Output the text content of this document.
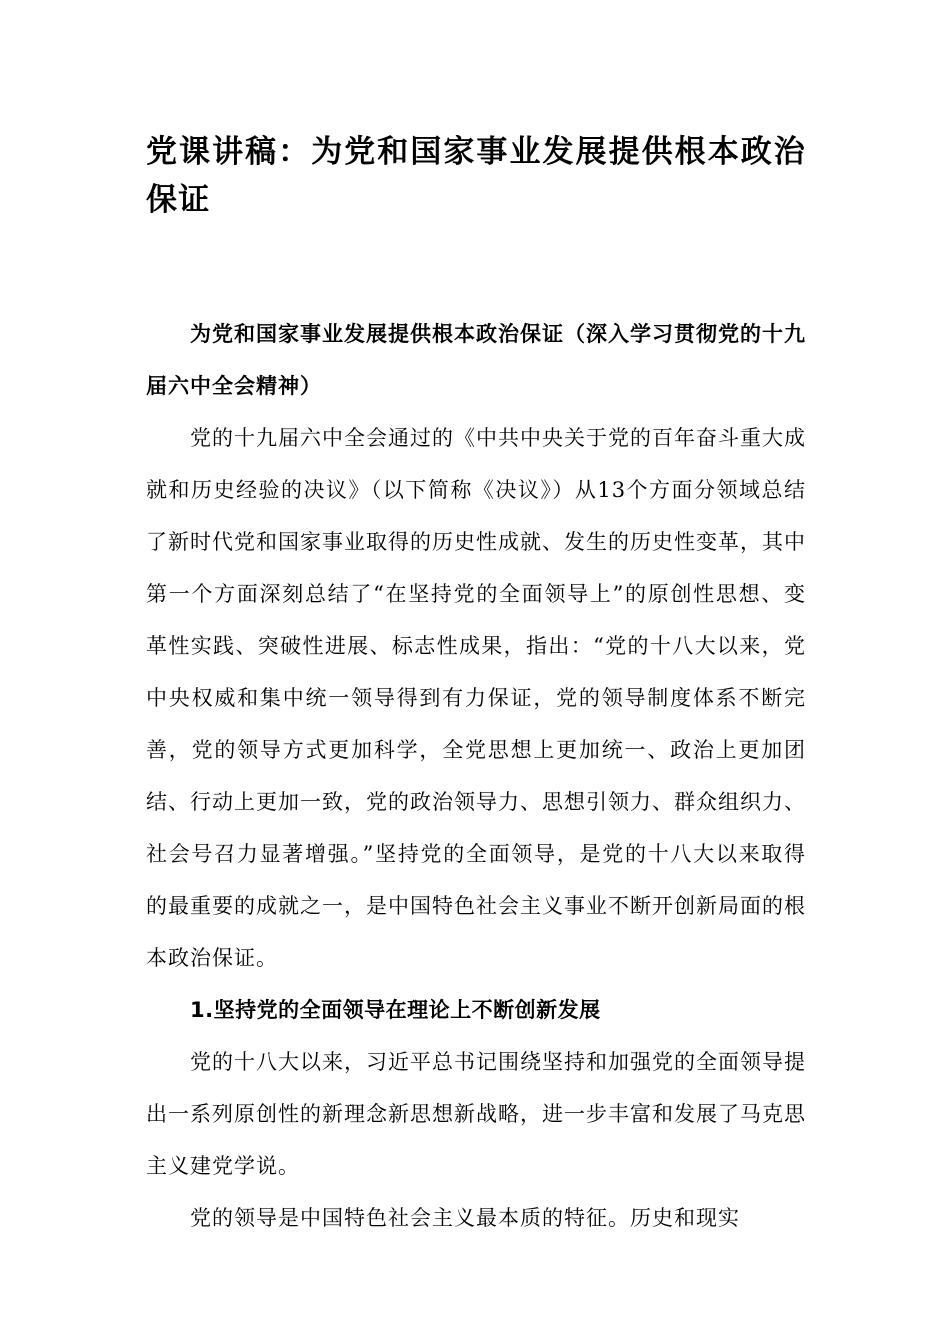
党课讲稿：为党和国家事业发展提供根本政治保证

为党和国家事业发展提供根本政治保证（深入学习贯彻党的十九届六中全会精神）

党的十九届六中全会通过的《中共中央关于党的百年奋斗重大成就和历史经验的决议》（以下简称《决议》）从13个方面分领域总结了新时代党和国家事业取得的历史性成就、发生的历史性变革，其中第一个方面深刻总结了“在坚持党的全面领导上”的原创性思想、变革性实践、突破性进展、标志性成果，指出：“党的十八大以来，党中央权威和集中统一领导得到有力保证，党的领导制度体系不断完善，党的领导方式更加科学，全党思想上更加统一、政治上更加团结、行动上更加一致，党的政治领导力、思想引领力、群众组织力、社会号召力显著增强。”坚持党的全面领导，是党的十八大以来取得的最重要的成就之一，是中国特色社会主义事业不断开创新局面的根本政治保证。

1.坚持党的全面领导在理论上不断创新发展

党的十八大以来，习近平总书记围绕坚持和加强党的全面领导提出一系列原创性的新理念新思想新战略，进一步丰富和发展了马克思主义建党学说。

党的领导是中国特色社会主义最本质的特征。历史和现实
